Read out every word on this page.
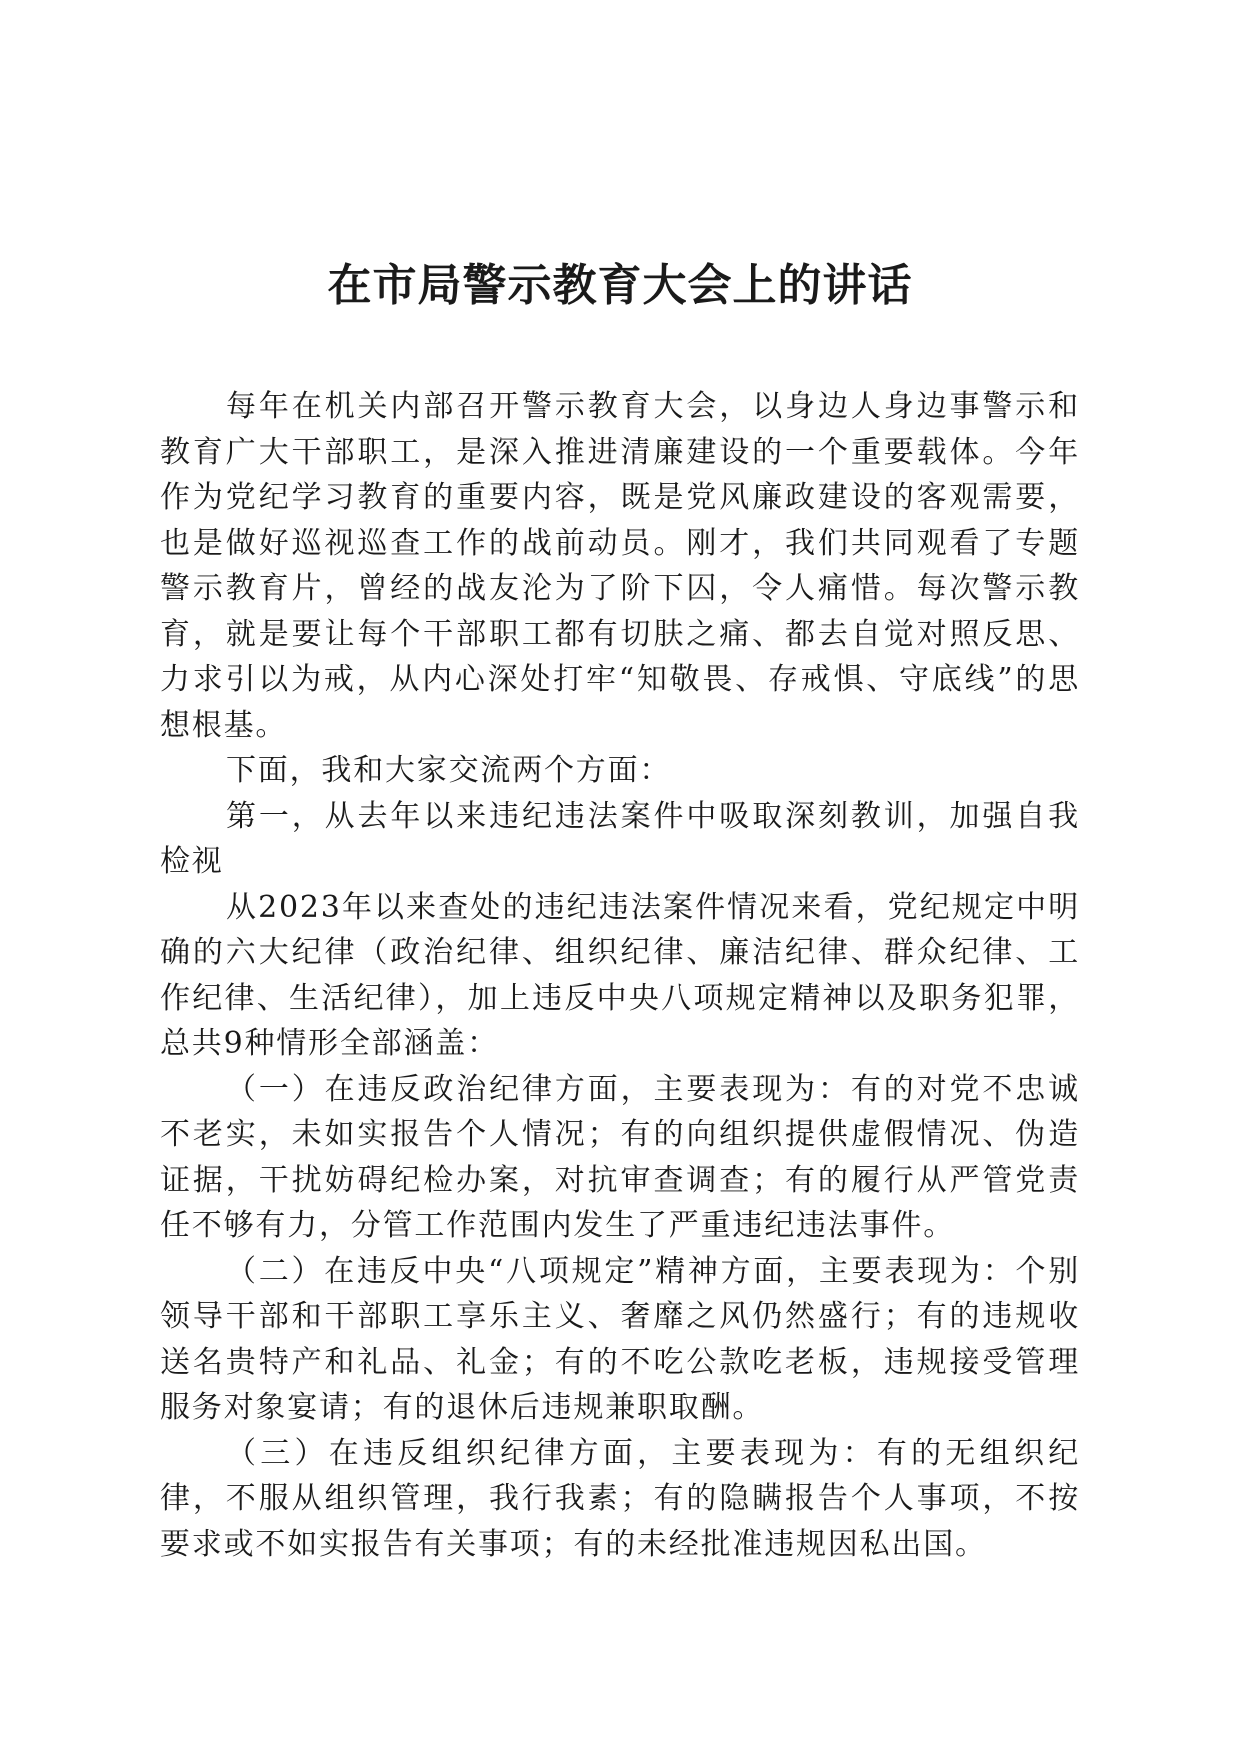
在市局警示教育大会上的讲话

每年在机关内部召开警示教育大会，以身边人身边事警示和教育广大干部职工，是深入推进清廉建设的一个重要载体。今年作为党纪学习教育的重要内容，既是党风廉政建设的客观需要，也是做好巡视巡查工作的战前动员。刚才，我们共同观看了专题警示教育片，曾经的战友沦为了阶下囚，令人痛惜。每次警示教育，就是要让每个干部职工都有切肤之痛、都去自觉对照反思、力求引以为戒，从内心深处打牢“知敬畏、存戒惧、守底线”的思想根基。

下面，我和大家交流两个方面：

第一，从去年以来违纪违法案件中吸取深刻教训，加强自我检视

从2023年以来查处的违纪违法案件情况来看，党纪规定中明确的六大纪律（政治纪律、组织纪律、廉洁纪律、群众纪律、工作纪律、生活纪律），加上违反中央八项规定精神以及职务犯罪，总共9种情形全部涵盖：

（一）在违反政治纪律方面，主要表现为：有的对党不忠诚不老实，未如实报告个人情况；有的向组织提供虚假情况、伪造证据，干扰妨碍纪检办案，对抗审查调查；有的履行从严管党责任不够有力，分管工作范围内发生了严重违纪违法事件。

（二）在违反中央“八项规定”精神方面，主要表现为：个别领导干部和干部职工享乐主义、奢靡之风仍然盛行；有的违规收送名贵特产和礼品、礼金；有的不吃公款吃老板，违规接受管理服务对象宴请；有的退休后违规兼职取酬。

（三）在违反组织纪律方面，主要表现为：有的无组织纪律，不服从组织管理，我行我素；有的隐瞒报告个人事项，不按要求或不如实报告有关事项；有的未经批准违规因私出国。
